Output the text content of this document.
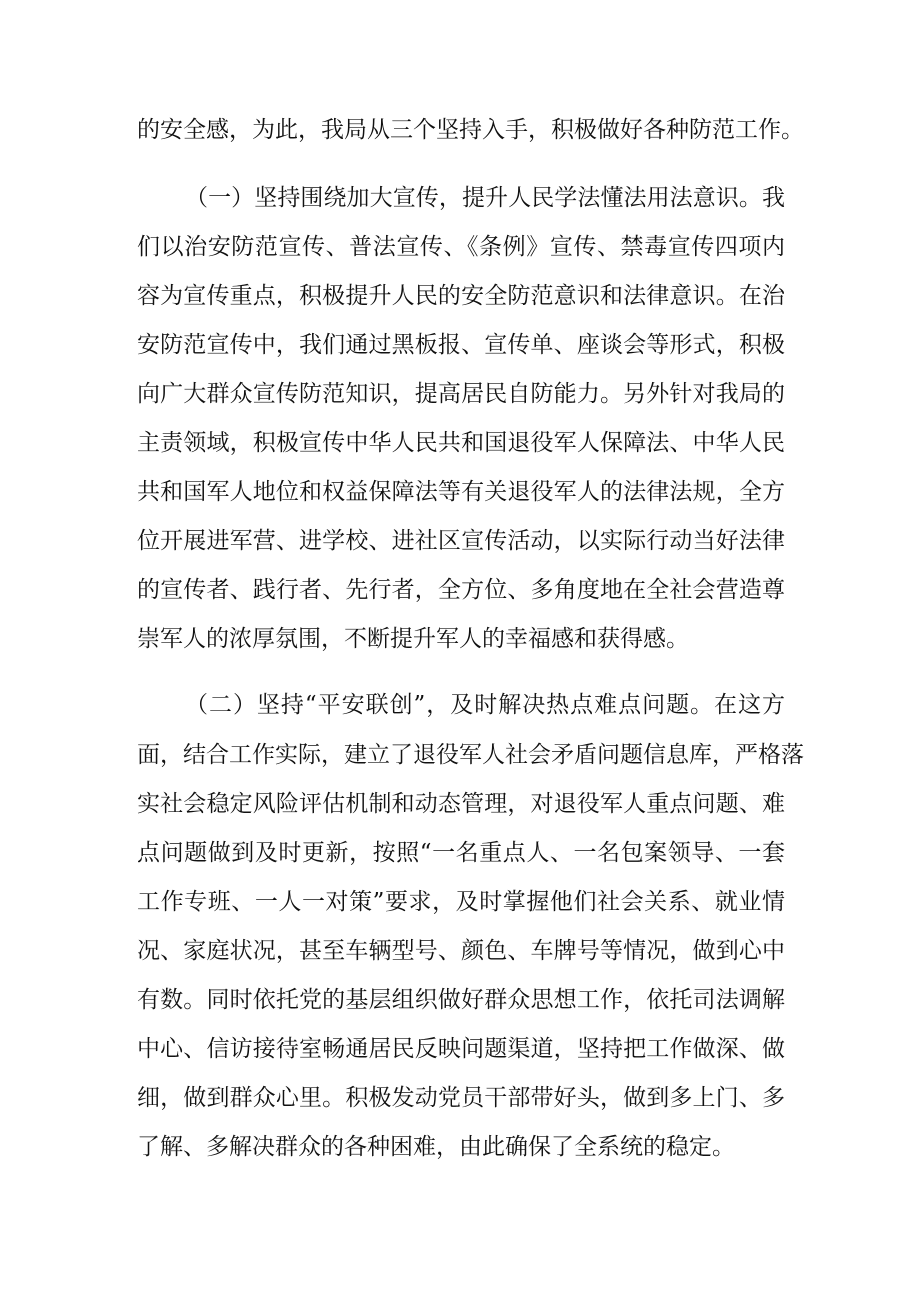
的安全感，为此，我局从三个坚持入手，积极做好各种防范工作。
（一）坚持围绕加大宣传，提升人民学法懂法用法意识。我
们以治安防范宣传、普法宣传、《条例》宣传、禁毒宣传四项内
容为宣传重点，积极提升人民的安全防范意识和法律意识。在治
安防范宣传中，我们通过黑板报、宣传单、座谈会等形式，积极
向广大群众宣传防范知识，提高居民自防能力。另外针对我局的
主责领域，积极宣传中华人民共和国退役军人保障法、中华人民
共和国军人地位和权益保障法等有关退役军人的法律法规，全方
位开展进军营、进学校、进社区宣传活动，以实际行动当好法律
的宣传者、践行者、先行者，全方位、多角度地在全社会营造尊
崇军人的浓厚氛围，不断提升军人的幸福感和获得感。
（二）坚持“平安联创”，及时解决热点难点问题。在这方
面，结合工作实际，建立了退役军人社会矛盾问题信息库，严格落
实社会稳定风险评估机制和动态管理，对退役军人重点问题、难
点问题做到及时更新，按照“一名重点人、一名包案领导、一套
工作专班、一人一对策”要求，及时掌握他们社会关系、就业情
况、家庭状况，甚至车辆型号、颜色、车牌号等情况，做到心中
有数。同时依托党的基层组织做好群众思想工作，依托司法调解
中心、信访接待室畅通居民反映问题渠道，坚持把工作做深、做
细，做到群众心里。积极发动党员干部带好头，做到多上门、多
了解、多解决群众的各种困难，由此确保了全系统的稳定。
